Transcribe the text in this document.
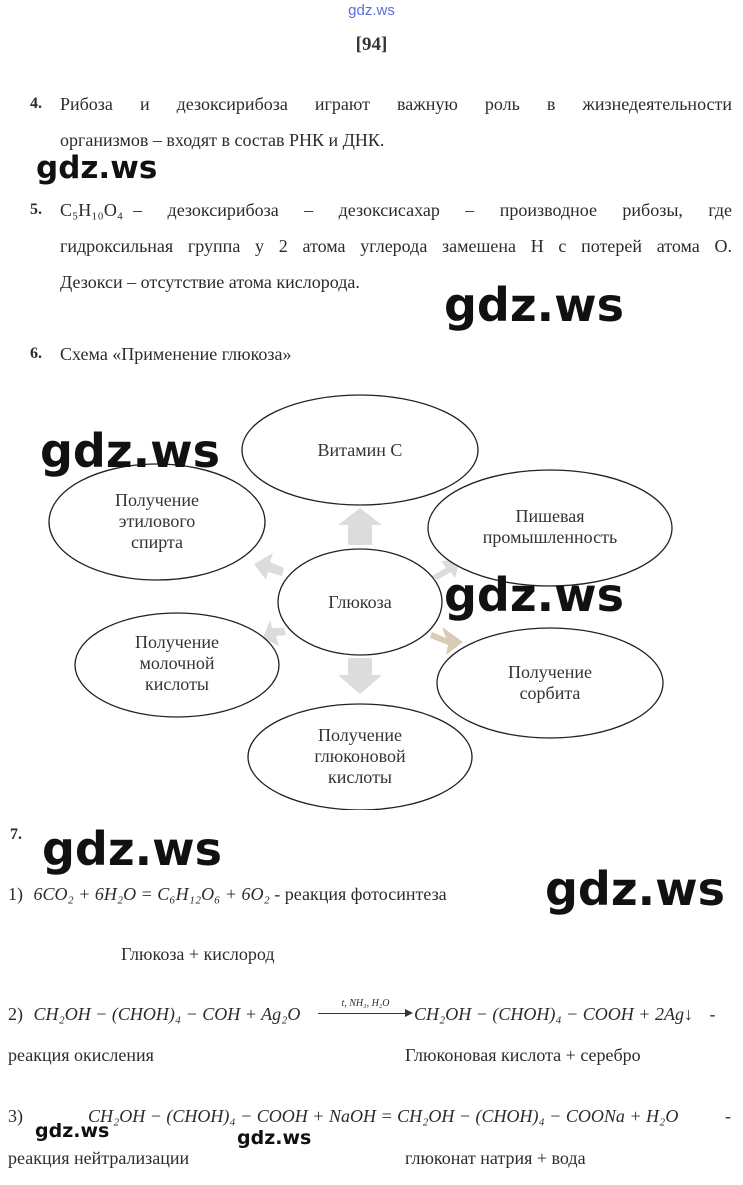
gdz.ws
[94]
4. Рибоза и дезоксирибоза играют важную роль в жизнедеятельности
организмов – входят в состав РНК и ДНК.
5. C₅H₁₀O₄ – дезоксирибоза – дезоксисахар – производное рибозы, где
гидроксильная группа у 2 атома углерода замешена Н с потерей атома О.
Дезокси – отсутствие атома кислорода.
6. Схема «Применение глюкоза»
Витамин С
Пишевая
промышленность
Получение
сорбита
Получение
глюконовой
кислоты
Получение
молочной
кислоты
Получение
этилового
спирта
Глюкоза
7.
1) 6CO₂ + 6H₂O = C₆H₁₂O₆ + 6O₂ - реакция фотосинтеза
Глюкоза + кислород
2) CH₂OH − (CHOH)₄ − COH + Ag₂O
t, NH₃, H₂O
CH₂OH − (CHOH)₄ − COOH + 2Ag↓ -
реакция окисления	Глюконовая кислота + серебро
3)	CH₂OH − (CHOH)₄ − COOH + NaOH = CH₂OH − (CHOH)₄ − COONa + H₂O	-
реакция нейтрализации	глюконат натрия + вода
gdz.ws
gdz.ws
gdz.ws
gdz.ws
gdz.ws
gdz.ws
gdz.ws	gdz.ws
